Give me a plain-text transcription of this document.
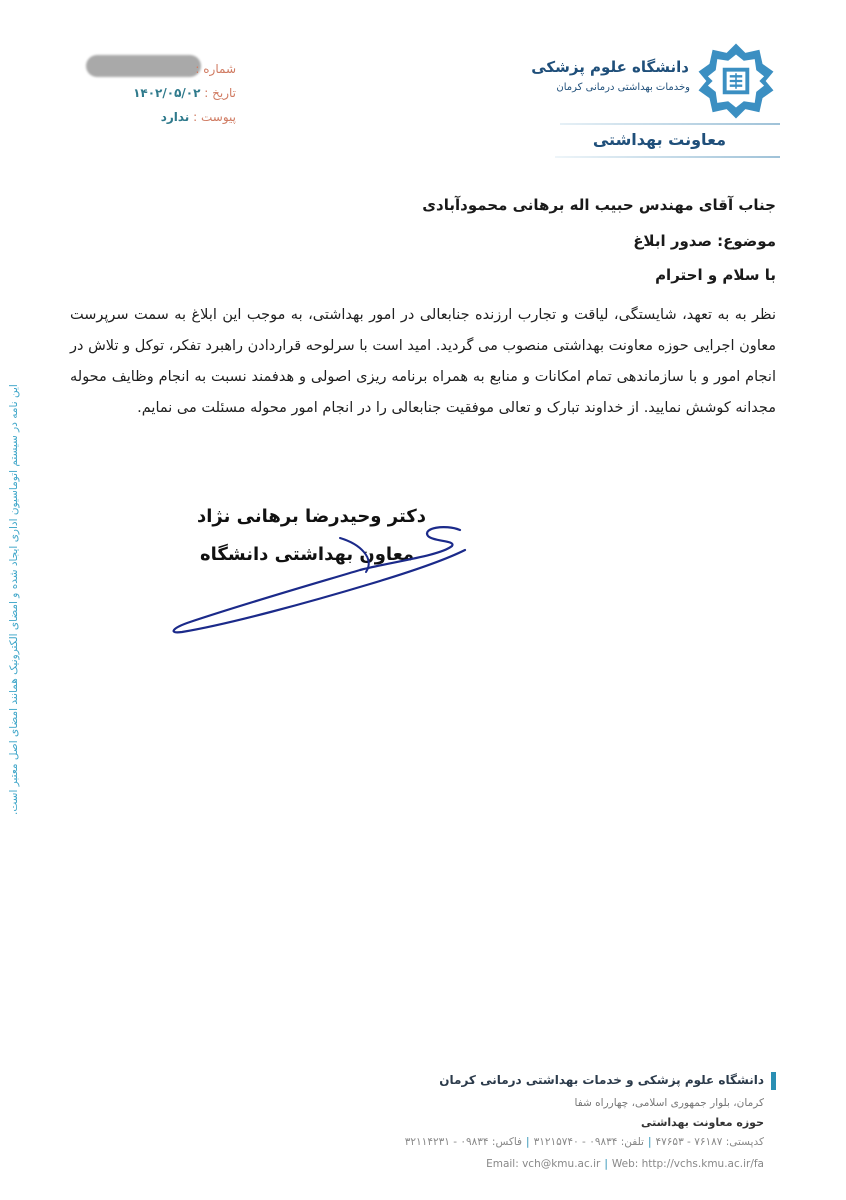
دانشگاه علوم پزشکی
وخدمات بهداشتی درمانی کرمان
معاونت بهداشتی
شماره :
تاریخ : ۱۴۰۲/۰۵/۰۲
پیوست : ندارد
جناب آقای مهندس حبیب اله برهانی محمودآبادی
موضوع: صدور ابلاغ
با سلام و احترام
نظر به به تعهد، شایستگی، لیاقت و تجارب ارزنده جنابعالی در امور بهداشتی، به موجب این ابلاغ به سمت سرپرست معاون اجرایی حوزه معاونت بهداشتی منصوب می گردید. امید است با سرلوحه قراردادن راهبرد تفکر، توکل و تلاش در انجام امور و با سازماندهی تمام امکانات و منابع به همراه برنامه ریزی اصولی و هدفمند نسبت به انجام وظایف محوله مجدانه کوشش نمایید. از خداوند تبارک و تعالی موفقیت جنابعالی را در انجام امور محوله مسئلت می نمایم.
دکتر وحیدرضا برهانی نژاد
معاون بهداشتی دانشگاه
این نامه در سیستم اتوماسیون اداری ایجاد شده و امضای الکترونیک همانند امضای اصل معتبر است.
دانشگاه علوم پزشکی و خدمات بهداشتی درمانی کرمان
کرمان، بلوار جمهوری اسلامی، چهارراه شفا
حوزه معاونت بهداشتی
کدپستی: ۷۶۱۸۷ - ۴۷۶۵۳|تلفن: ۰۹۸۳۴ - ۳۱۲۱۵۷۴۰|فاکس: ۰۹۸۳۴ - ۳۲۱۱۴۲۳۱
Email: vch@kmu.ac.ir | Web: http://vchs.kmu.ac.ir/fa
